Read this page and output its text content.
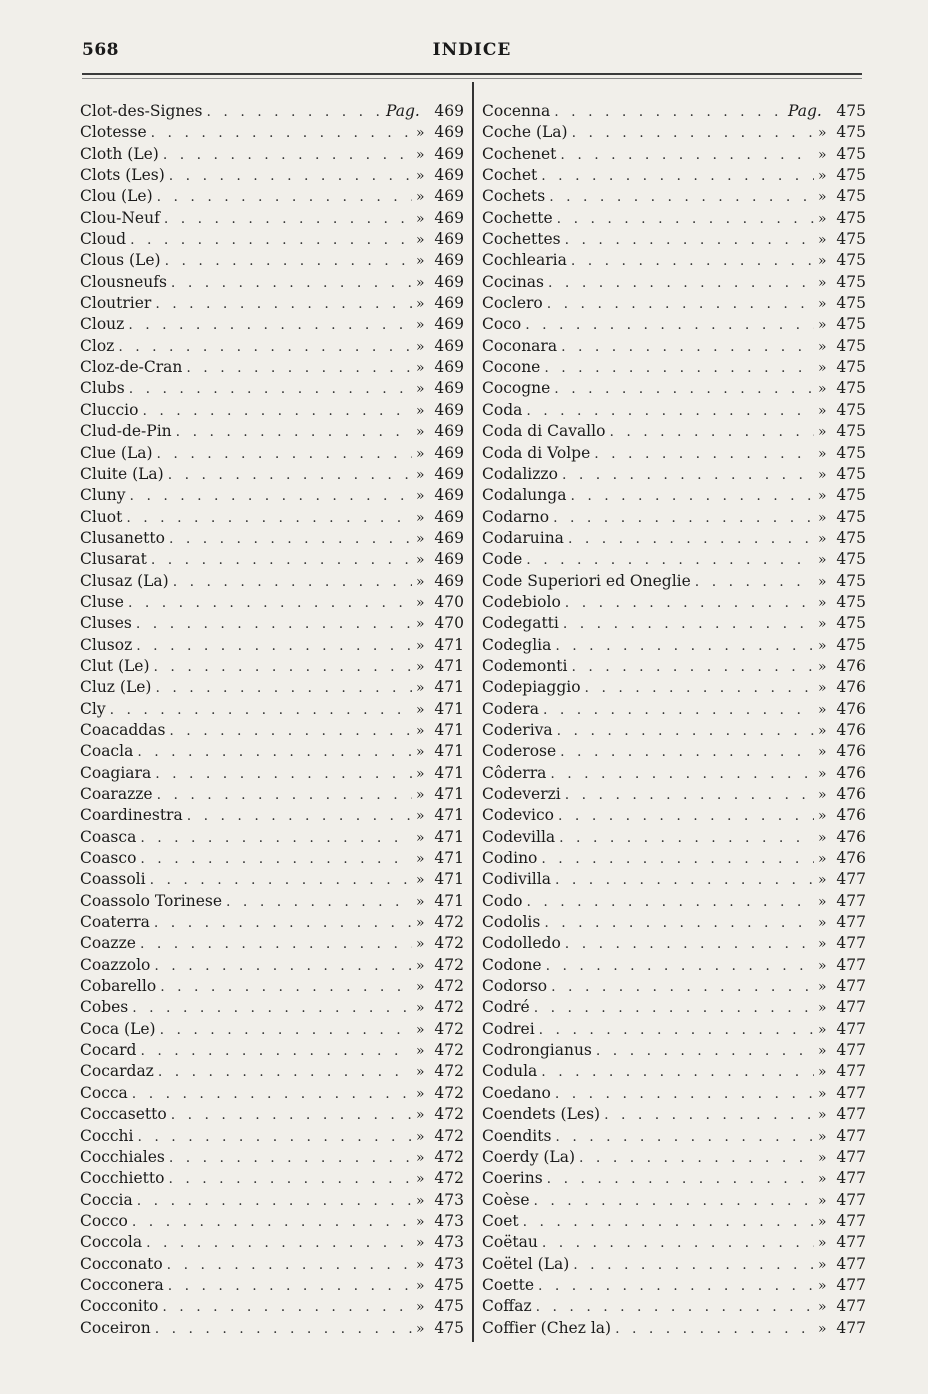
568	INDICE
Clot-des-Signes . . .	Pag. 469
Clotesse . . .	» 469
Cloth (Le) . . .	» 469
Clots (Les) . . .	» 469
Clou (Le) . . .	» 469
Clou-Neuf . . .	» 469
Cloud . . .	» 469
Clous (Le) . . .	» 469
Clousneufs . . .	» 469
Cloutrier . . .	» 469
Clouz . . .	» 469
Cloz . . .	» 469
Cloz-de-Cran . . .	» 469
Clubs . . .	» 469
Cluccio . . .	» 469
Clud-de-Pin . . .	» 469
Clue (La) . . .	» 469
Cluite (La) . . .	» 469
Cluny . . .	» 469
Cluot . . .	» 469
Clusanetto . . .	» 469
Clusarat . . .	» 469
Clusaz (La) . . .	» 469
Cluse . . .	» 470
Cluses . . .	» 470
Clusoz . . .	» 471
Clut (Le) . . .	» 471
Cluz (Le) . . .	» 471
Cly . . .	» 471
Coacaddas . . .	» 471
Coacla . . .	» 471
Coagiara . . .	» 471
Coarazze . . .	» 471
Coardinestra . . .	» 471
Coasca . . .	» 471
Coasco . . .	» 471
Coassoli . . .	» 471
Coassolo Torinese . . .	» 471
Coaterra . . .	» 472
Coazze . . .	» 472
Coazzolo . . .	» 472
Cobarello . . .	» 472
Cobes . . .	» 472
Coca (Le) . . .	» 472
Cocard . . .	» 472
Cocardaz . . .	» 472
Cocca . . .	» 472
Coccasetto . . .	» 472
Cocchi . . .	» 472
Cocchiales . . .	» 472
Cocchietto . . .	» 472
Coccia . . .	» 473
Cocco . . .	» 473
Coccola . . .	» 473
Cocconato . . .	» 473
Cocconera . . .	» 475
Cocconito . . .	» 475
Coceiron . . .	» 475
Cocenna . . .	Pag. 475
Coche (La) . . .	» 475
Cochenet . . .	» 475
Cochet . . .	» 475
Cochets . . .	» 475
Cochette . . .	» 475
Cochettes . . .	» 475
Cochlearia . . .	» 475
Cocinas . . .	» 475
Coclero . . .	» 475
Coco . . .	» 475
Coconara . . .	» 475
Cocone . . .	» 475
Cocogne . . .	» 475
Coda . . .	» 475
Coda di Cavallo . . .	» 475
Coda di Volpe . . .	» 475
Codalizzo . . .	» 475
Codalunga . . .	» 475
Codarno . . .	» 475
Codaruina . . .	» 475
Code . . .	» 475
Code Superiori ed Oneglie . . .	» 475
Codebiolo . . .	» 475
Codegatti . . .	» 475
Codeglia . . .	» 475
Codemonti . . .	» 476
Codepiaggio . . .	» 476
Codera . . .	» 476
Coderiva . . .	» 476
Coderose . . .	» 476
Côderra . . .	» 476
Codeverzi . . .	» 476
Codevico . . .	» 476
Codevilla . . .	» 476
Codino . . .	» 476
Codivilla . . .	» 477
Codo . . .	» 477
Codolis . . .	» 477
Codolledo . . .	» 477
Codone . . .	» 477
Codorso . . .	» 477
Codré . . .	» 477
Codrei . . .	» 477
Codrongianus . . .	» 477
Codula . . .	» 477
Coedano . . .	» 477
Coendets (Les) . . .	» 477
Coendits . . .	» 477
Coerdy (La) . . .	» 477
Coerins . . .	» 477
Coèse . . .	» 477
Coet . . .	» 477
Coëtau . . .	» 477
Coëtel (La) . . .	» 477
Coette . . .	» 477
Coffaz . . .	» 477
Coffier (Chez la) . . .	» 477
